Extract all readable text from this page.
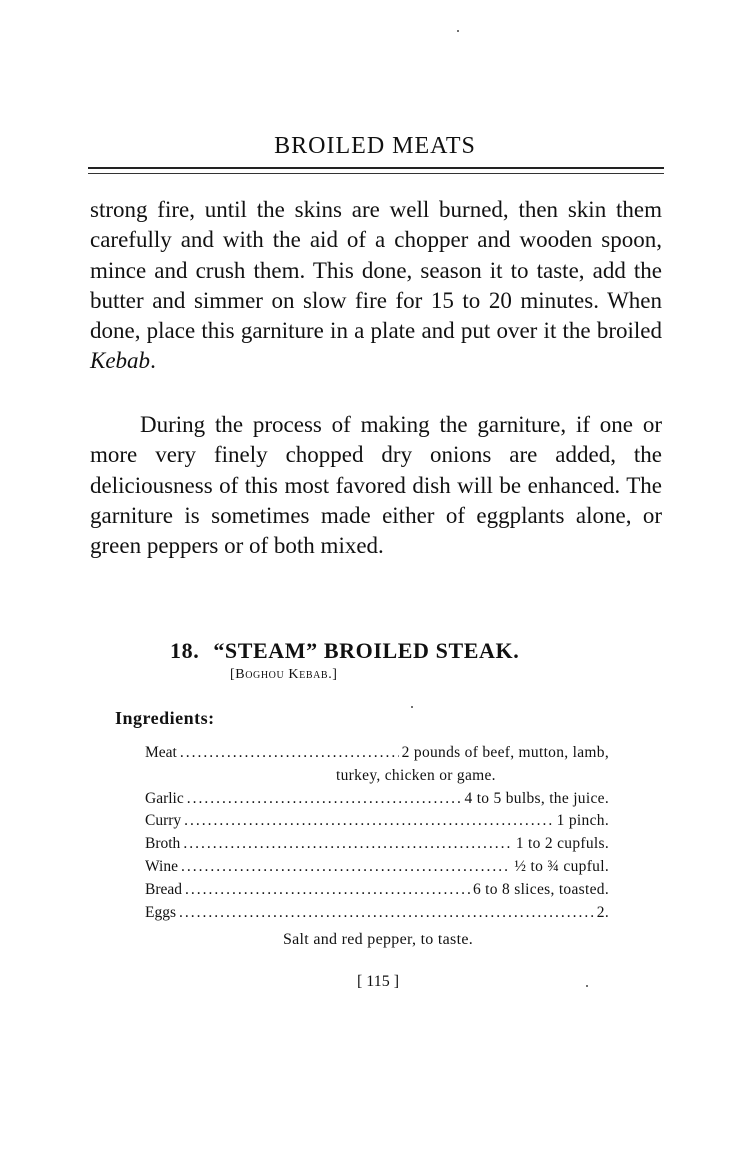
BROILED MEATS

strong fire, until the skins are well burned, then skin them carefully and with the aid of a chopper and wooden spoon, mince and crush them. This done, season it to taste, add the butter and simmer on slow fire for 15 to 20 minutes. When done, place this garniture in a plate and put over it the broiled Kebab.

During the process of making the garniture, if one or more very finely chopped dry onions are added, the deliciousness of this most favored dish will be enhanced. The garniture is sometimes made either of eggplants alone, or green peppers or of both mixed.

18. “STEAM” BROILED STEAK.
[Boghou Kebab.]
Ingredients:
Meat .....	2 pounds of beef, mutton, lamb,
turkey, chicken or game.
Garlic .....	4 to 5 bulbs, the juice.
Curry .....	1 pinch.
Broth .....	1 to 2 cupfuls.
Wine .....	½ to ¾ cupful.
Bread .....	6 to 8 slices, toasted.
Eggs .....	2.
Salt and red pepper, to taste.
[ 115 ]
